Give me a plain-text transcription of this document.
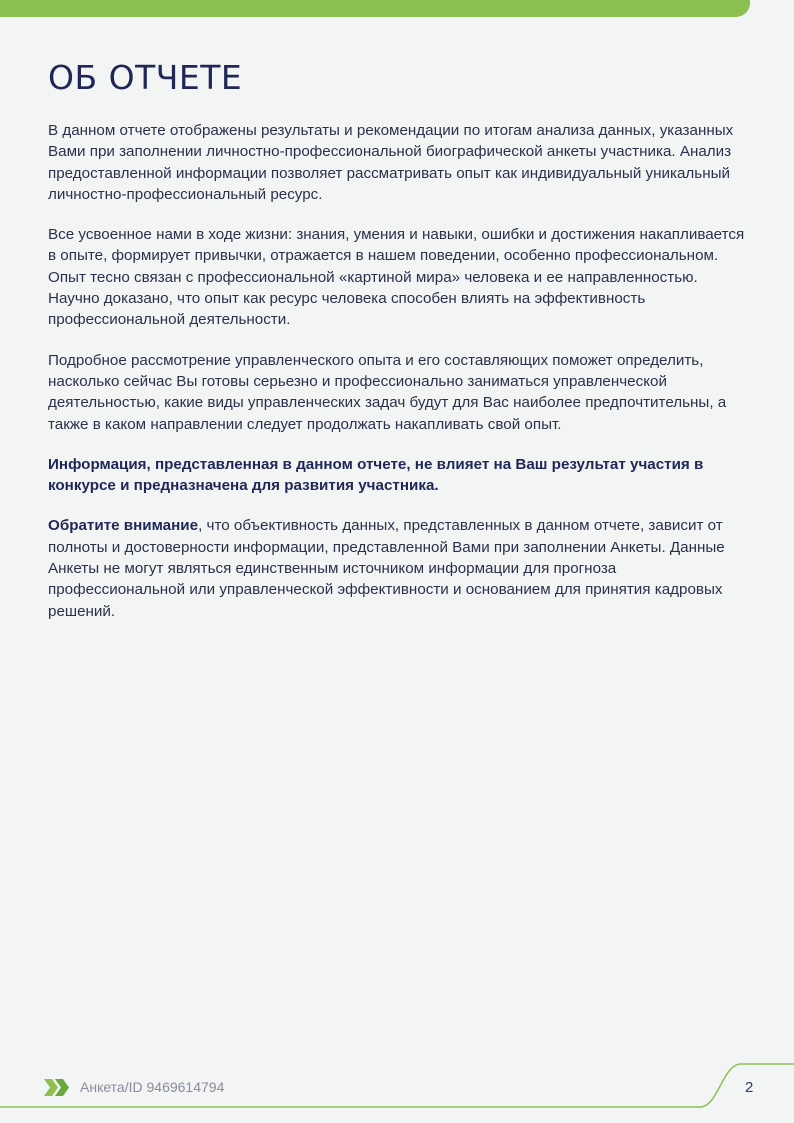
ОБ ОТЧЕТЕ

В данном отчете отображены результаты и рекомендации по итогам анализа данных, указанных Вами при заполнении личностно-профессиональной биографической анкеты участника. Анализ предоставленной информации позволяет рассматривать опыт как индивидуальный уникальный личностно-профессиональный ресурс.

Все усвоенное нами в ходе жизни: знания, умения и навыки, ошибки и достижения накапливается в опыте, формирует привычки, отражается в нашем поведении, особенно профессиональном. Опыт тесно связан с профессиональной «картиной мира» человека и ее направленностью. Научно доказано, что опыт как ресурс человека способен влиять на эффективность профессиональной деятельности.

Подробное рассмотрение управленческого опыта и его составляющих поможет определить, насколько сейчас Вы готовы серьезно и профессионально заниматься управленческой деятельностью, какие виды управленческих задач будут для Вас наиболее предпочтительны, а также в каком направлении следует продолжать накапливать свой опыт.

Информация, представленная в данном отчете, не влияет на Ваш результат участия в конкурсе и предназначена для развития участника.

Обратите внимание, что объективность данных, представленных в данном отчете, зависит от полноты и достоверности информации, представленной Вами при заполнении Анкеты. Данные Анкеты не могут являться единственным источником информации для прогноза профессиональной или управленческой эффективности и основанием для принятия кадровых решений.

Анкета/ID 9469614794	2
